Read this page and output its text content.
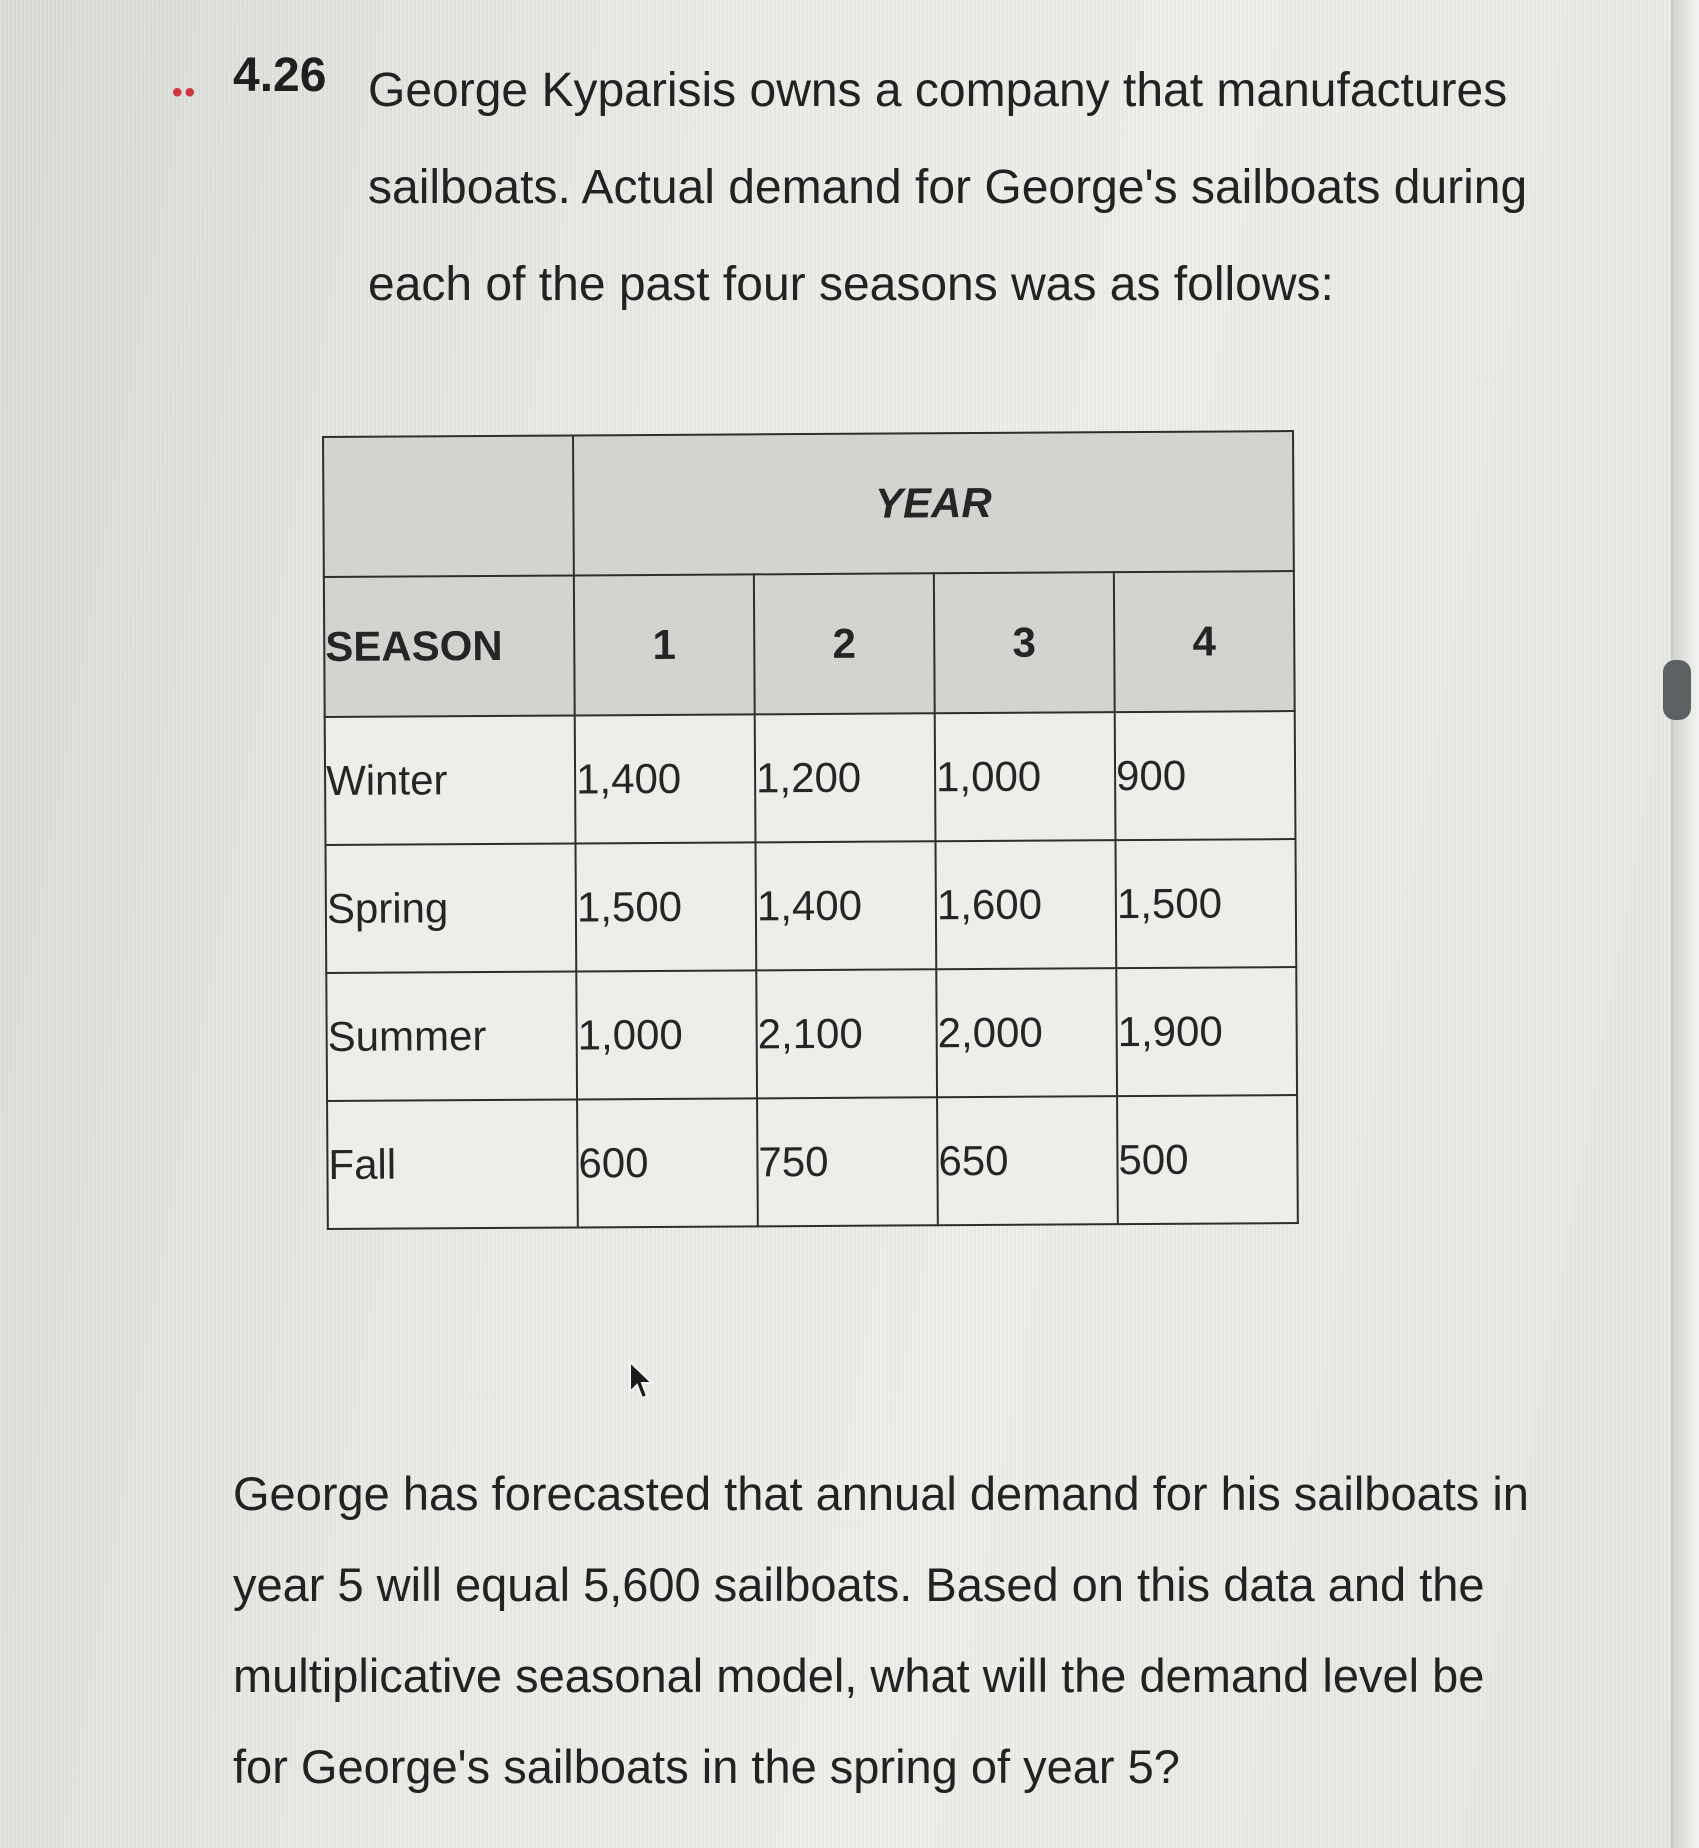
•• 4.26 George Kyparisis owns a company that manufactures
sailboats. Actual demand for George's sailboats during
each of the past four seasons was as follows:

	YEAR			
SEASON	1	2	3	4
Winter	1,400	1,200	1,000	900
Spring	1,500	1,400	1,600	1,500
Summer	1,000	2,100	2,000	1,900
Fall	600	750	650	500

George has forecasted that annual demand for his sailboats in
year 5 will equal 5,600 sailboats. Based on this data and the
multiplicative seasonal model, what will the demand level be
for George's sailboats in the spring of year 5?
